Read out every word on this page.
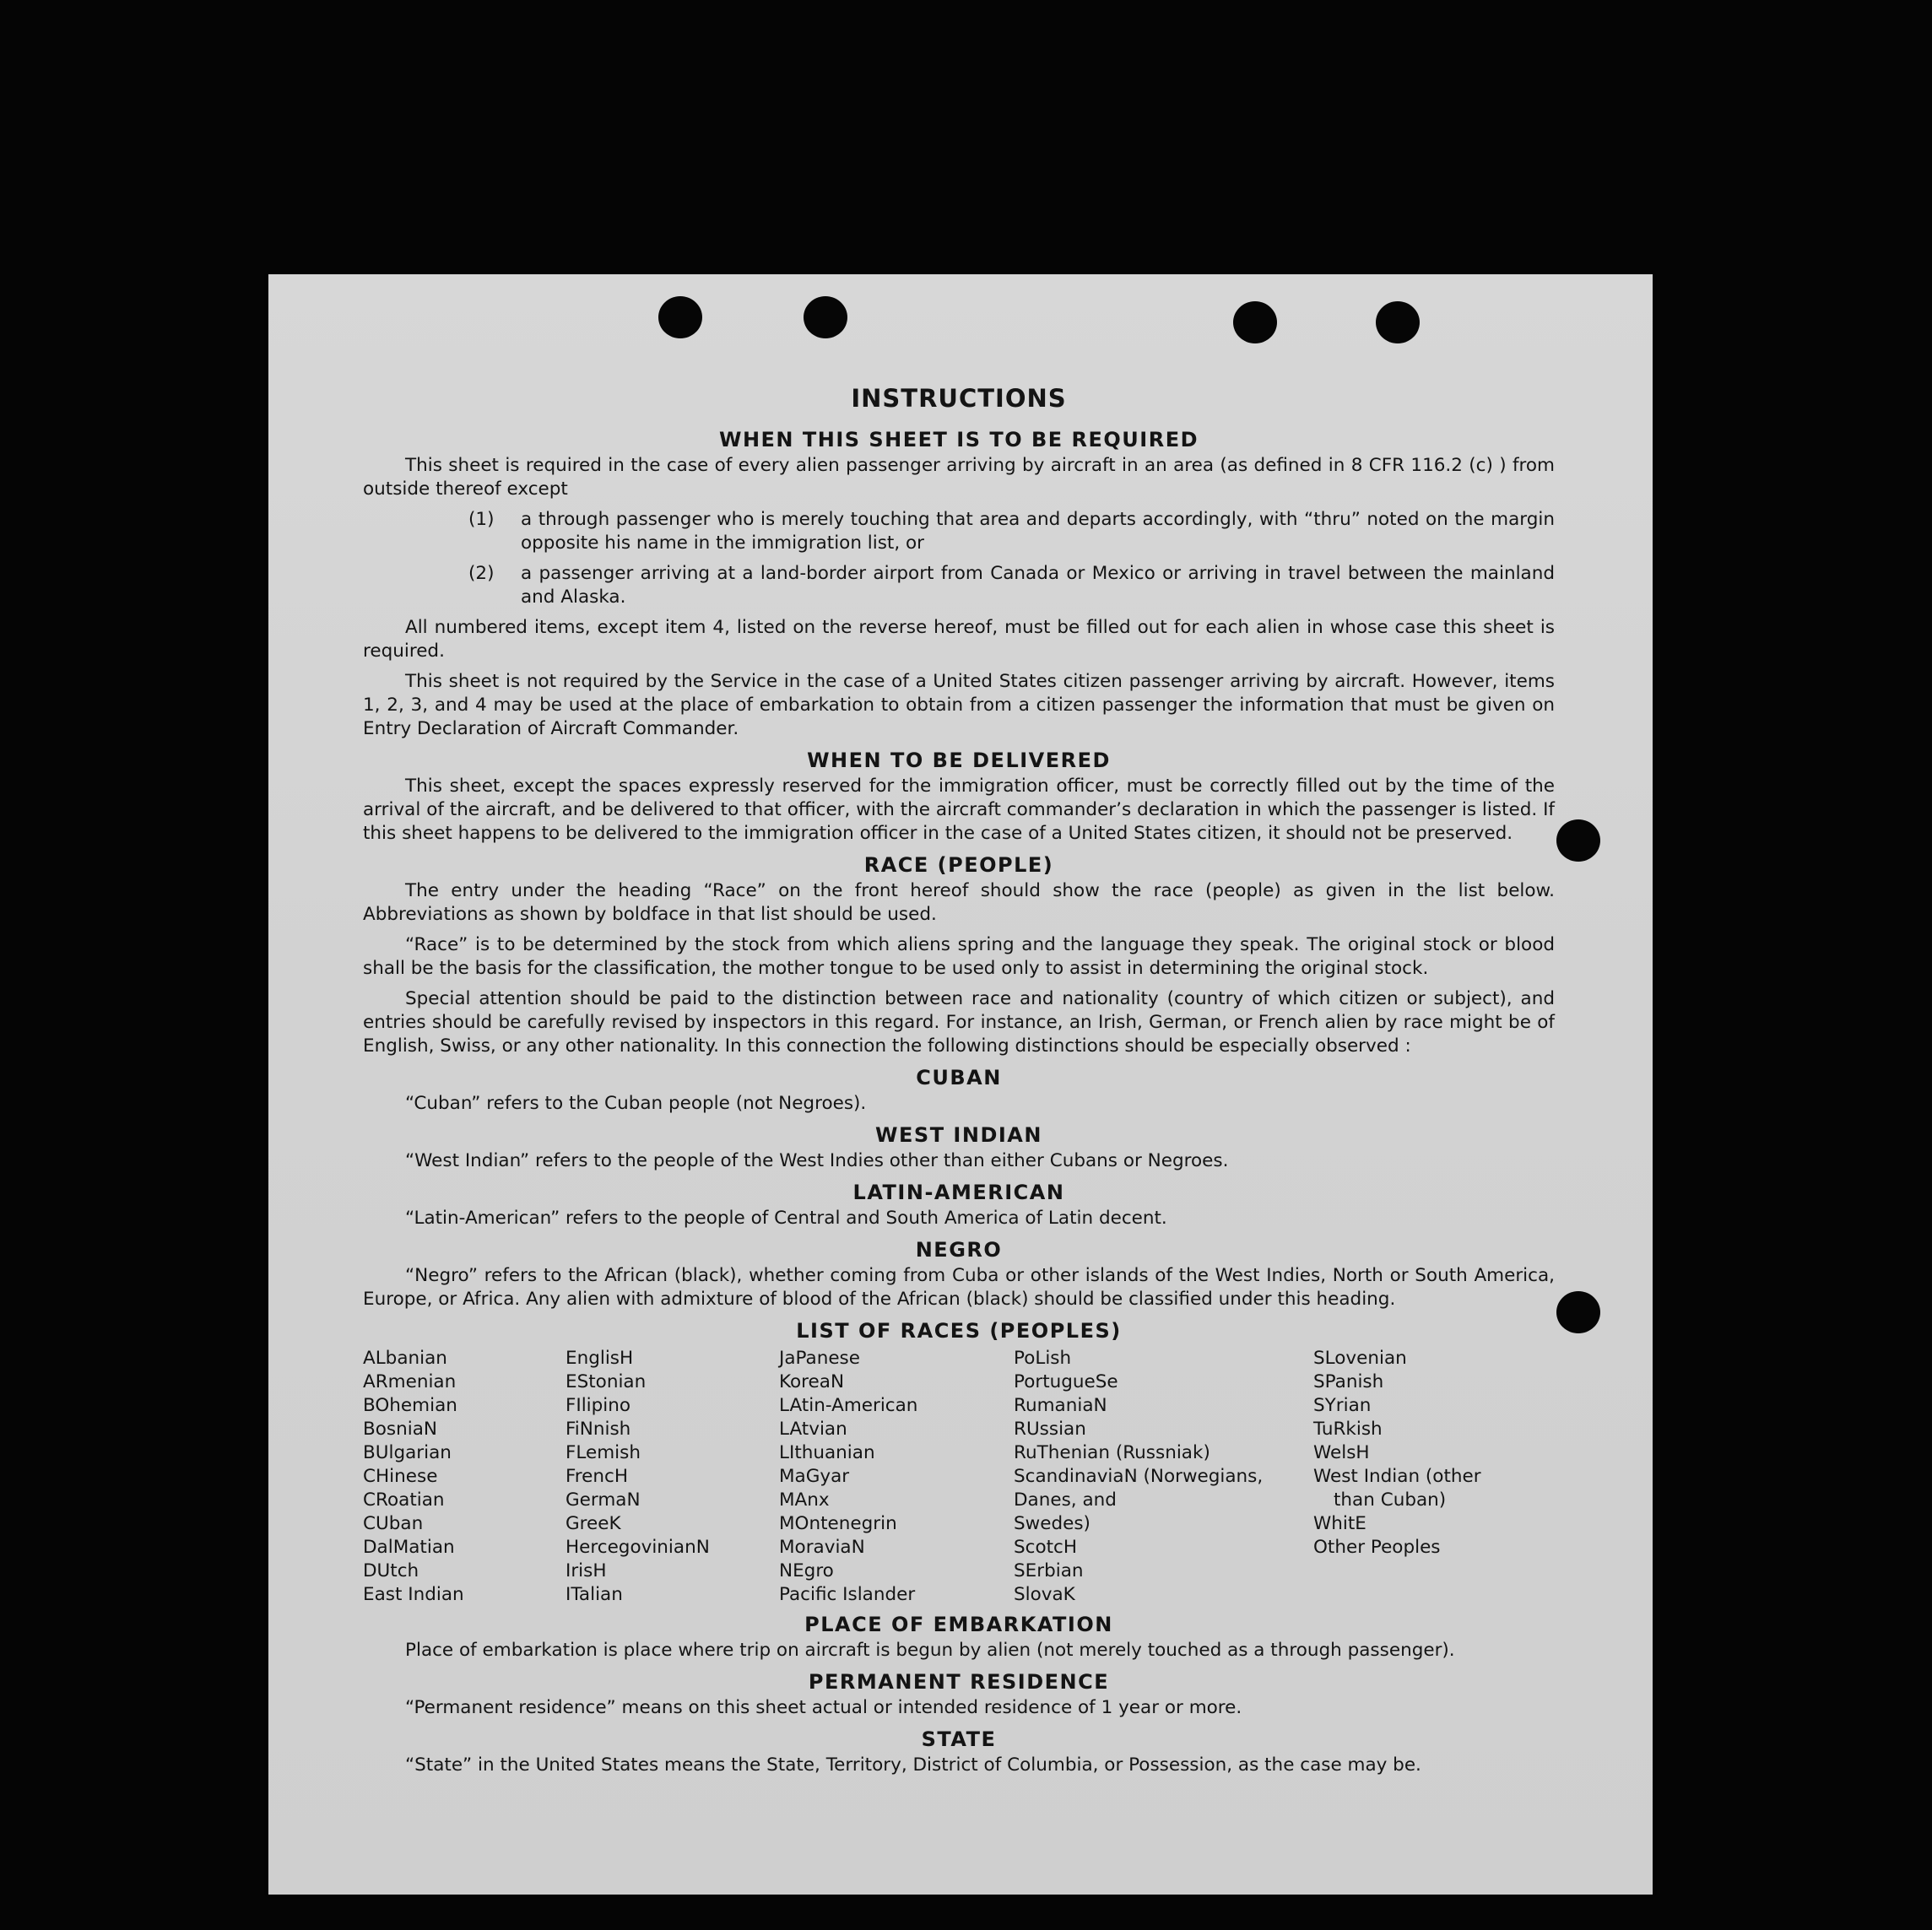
INSTRUCTIONS
WHEN THIS SHEET IS TO BE REQUIRED

This sheet is required in the case of every alien passenger arriving by aircraft in an area (as defined in 8 CFR 116.2 (c) ) from outside thereof except

(1)	a through passenger who is merely touching that area and departs accordingly, with “thru” noted on the margin opposite his name in the immigration list, or
(2)	a passenger arriving at a land-border airport from Canada or Mexico or arriving in travel between the mainland and Alaska.

All numbered items, except item 4, listed on the reverse hereof, must be filled out for each alien in whose case this sheet is required.

This sheet is not required by the Service in the case of a United States citizen passenger arriving by aircraft. However, items 1, 2, 3, and 4 may be used at the place of embarkation to obtain from a citizen passenger the information that must be given on Entry Declaration of Aircraft Commander.

WHEN TO BE DELIVERED

This sheet, except the spaces expressly reserved for the immigration officer, must be correctly filled out by the time of the arrival of the aircraft, and be delivered to that officer, with the aircraft commander’s declaration in which the passenger is listed. If this sheet happens to be delivered to the immigration officer in the case of a United States citizen, it should not be preserved.

RACE (PEOPLE)

The entry under the heading “Race” on the front hereof should show the race (people) as given in the list below. Abbreviations as shown by boldface in that list should be used.

“Race” is to be determined by the stock from which aliens spring and the language they speak. The original stock or blood shall be the basis for the classification, the mother tongue to be used only to assist in determining the original stock.

Special attention should be paid to the distinction between race and nationality (country of which citizen or subject), and entries should be carefully revised by inspectors in this regard. For instance, an Irish, German, or French alien by race might be of English, Swiss, or any other nationality. In this connection the following distinctions should be especially observed :

CUBAN

“Cuban” refers to the Cuban people (not Negroes).

WEST INDIAN

“West Indian” refers to the people of the West Indies other than either Cubans or Negroes.

LATIN-AMERICAN

“Latin-American” refers to the people of Central and South America of Latin decent.

NEGRO

“Negro” refers to the African (black), whether coming from Cuba or other islands of the West Indies, North or South America, Europe, or Africa. Any alien with admixture of blood of the African (black) should be classified under this heading.

LIST OF RACES (PEOPLES)
ALbanian
ARmenian
BOhemian
BosniaN
BUlgarian
CHinese
CRoatian
CUban
DalMatian
DUtch
East Indian
EnglisH
EStonian
FIlipino
FiNnish
FLemish
FrencH
GermaN
GreeK
HercegovinianN
IrisH
ITalian
JaPanese
KoreaN
LAtin-American
LAtvian
LIthuanian
MaGyar
MAnx
MOntenegrin
MoraviaN
NEgro
Pacific Islander
PoLish
PortugueSe
RumaniaN
RUssian
RuThenian (Russniak)
ScandinaviaN (Norwegians,
Danes, and
Swedes)
ScotcH
SErbian
SlovaK
SLovenian
SPanish
SYrian
TuRkish
WelsH
West Indian (other
than Cuban)
WhitE
Other Peoples
PLACE OF EMBARKATION

Place of embarkation is place where trip on aircraft is begun by alien (not merely touched as a through passenger).

PERMANENT RESIDENCE

“Permanent residence” means on this sheet actual or intended residence of 1 year or more.

STATE

“State” in the United States means the State, Territory, District of Columbia, or Possession, as the case may be.
